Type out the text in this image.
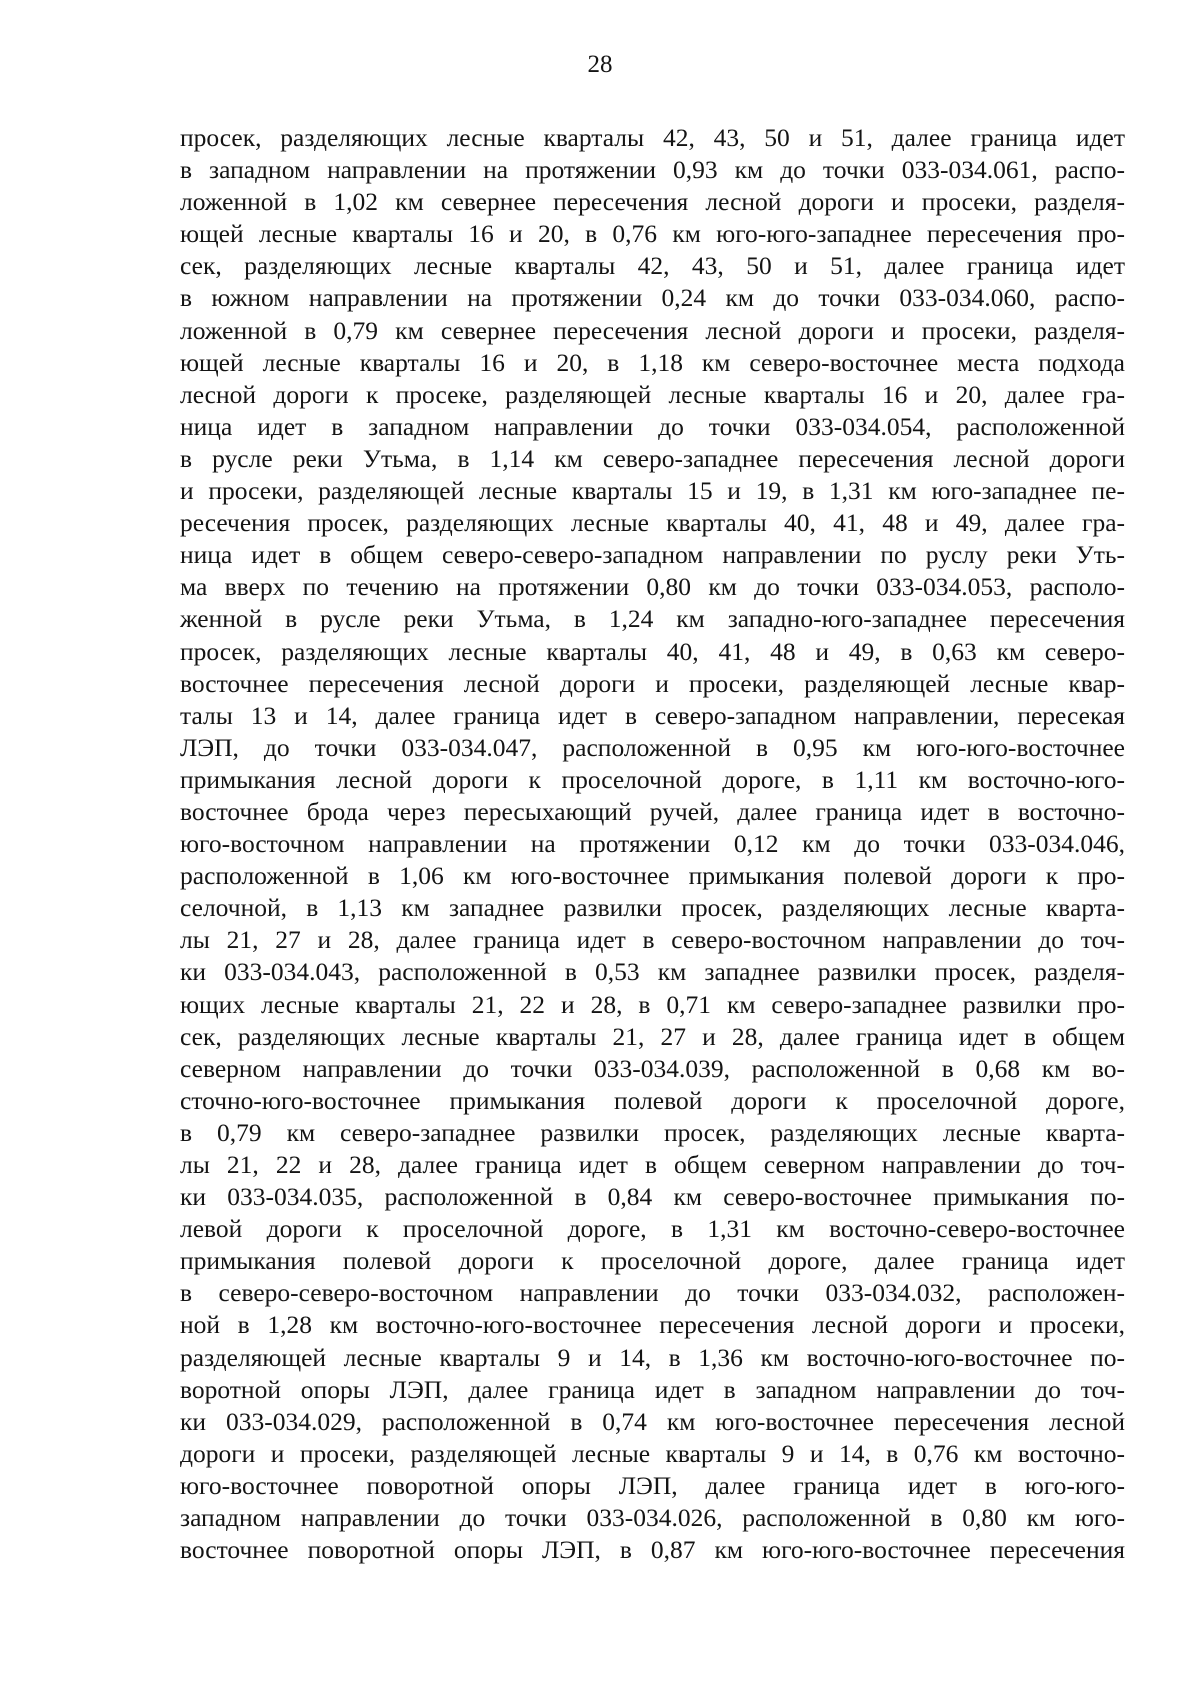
28
просек, разделяющих лесные кварталы 42, 43, 50 и 51, далее граница идет
в западном направлении на протяжении 0,93 км до точки 033-034.061, распо-
ложенной в 1,02 км севернее пересечения лесной дороги и просеки, разделя-
ющей лесные кварталы 16 и 20, в 0,76 км юго-юго-западнее пересечения про-
сек, разделяющих лесные кварталы 42, 43, 50 и 51, далее граница идет
в южном направлении на протяжении 0,24 км до точки 033-034.060, распо-
ложенной в 0,79 км севернее пересечения лесной дороги и просеки, разделя-
ющей лесные кварталы 16 и 20, в 1,18 км северо-восточнее места подхода
лесной дороги к просеке, разделяющей лесные кварталы 16 и 20, далее гра-
ница идет в западном направлении до точки 033-034.054, расположенной
в русле реки Утьма, в 1,14 км северо-западнее пересечения лесной дороги
и просеки, разделяющей лесные кварталы 15 и 19, в 1,31 км юго-западнее пе-
ресечения просек, разделяющих лесные кварталы 40, 41, 48 и 49, далее гра-
ница идет в общем северо-северо-западном направлении по руслу реки Уть-
ма вверх по течению на протяжении 0,80 км до точки 033-034.053, располо-
женной в русле реки Утьма, в 1,24 км западно-юго-западнее пересечения
просек, разделяющих лесные кварталы 40, 41, 48 и 49, в 0,63 км северо-
восточнее пересечения лесной дороги и просеки, разделяющей лесные квар-
талы 13 и 14, далее граница идет в северо-западном направлении, пересекая
ЛЭП, до точки 033-034.047, расположенной в 0,95 км юго-юго-восточнее
примыкания лесной дороги к проселочной дороге, в 1,11 км восточно-юго-
восточнее брода через пересыхающий ручей, далее граница идет в восточно-
юго-восточном направлении на протяжении 0,12 км до точки 033-034.046,
расположенной в 1,06 км юго-восточнее примыкания полевой дороги к про-
селочной, в 1,13 км западнее развилки просек, разделяющих лесные кварта-
лы 21, 27 и 28, далее граница идет в северо-восточном направлении до точ-
ки 033-034.043, расположенной в 0,53 км западнее развилки просек, разделя-
ющих лесные кварталы 21, 22 и 28, в 0,71 км северо-западнее развилки про-
сек, разделяющих лесные кварталы 21, 27 и 28, далее граница идет в общем
северном направлении до точки 033-034.039, расположенной в 0,68 км во-
сточно-юго-восточнее примыкания полевой дороги к проселочной дороге,
в 0,79 км северо-западнее развилки просек, разделяющих лесные кварта-
лы 21, 22 и 28, далее граница идет в общем северном направлении до точ-
ки 033-034.035, расположенной в 0,84 км северо-восточнее примыкания по-
левой дороги к проселочной дороге, в 1,31 км восточно-северо-восточнее
примыкания полевой дороги к проселочной дороге, далее граница идет
в северо-северо-восточном направлении до точки 033-034.032, расположен-
ной в 1,28 км восточно-юго-восточнее пересечения лесной дороги и просеки,
разделяющей лесные кварталы 9 и 14, в 1,36 км восточно-юго-восточнее по-
воротной опоры ЛЭП, далее граница идет в западном направлении до точ-
ки 033-034.029, расположенной в 0,74 км юго-восточнее пересечения лесной
дороги и просеки, разделяющей лесные кварталы 9 и 14, в 0,76 км восточно-
юго-восточнее поворотной опоры ЛЭП, далее граница идет в юго-юго-
западном направлении до точки 033-034.026, расположенной в 0,80 км юго-
восточнее поворотной опоры ЛЭП, в 0,87 км юго-юго-восточнее пересечения
